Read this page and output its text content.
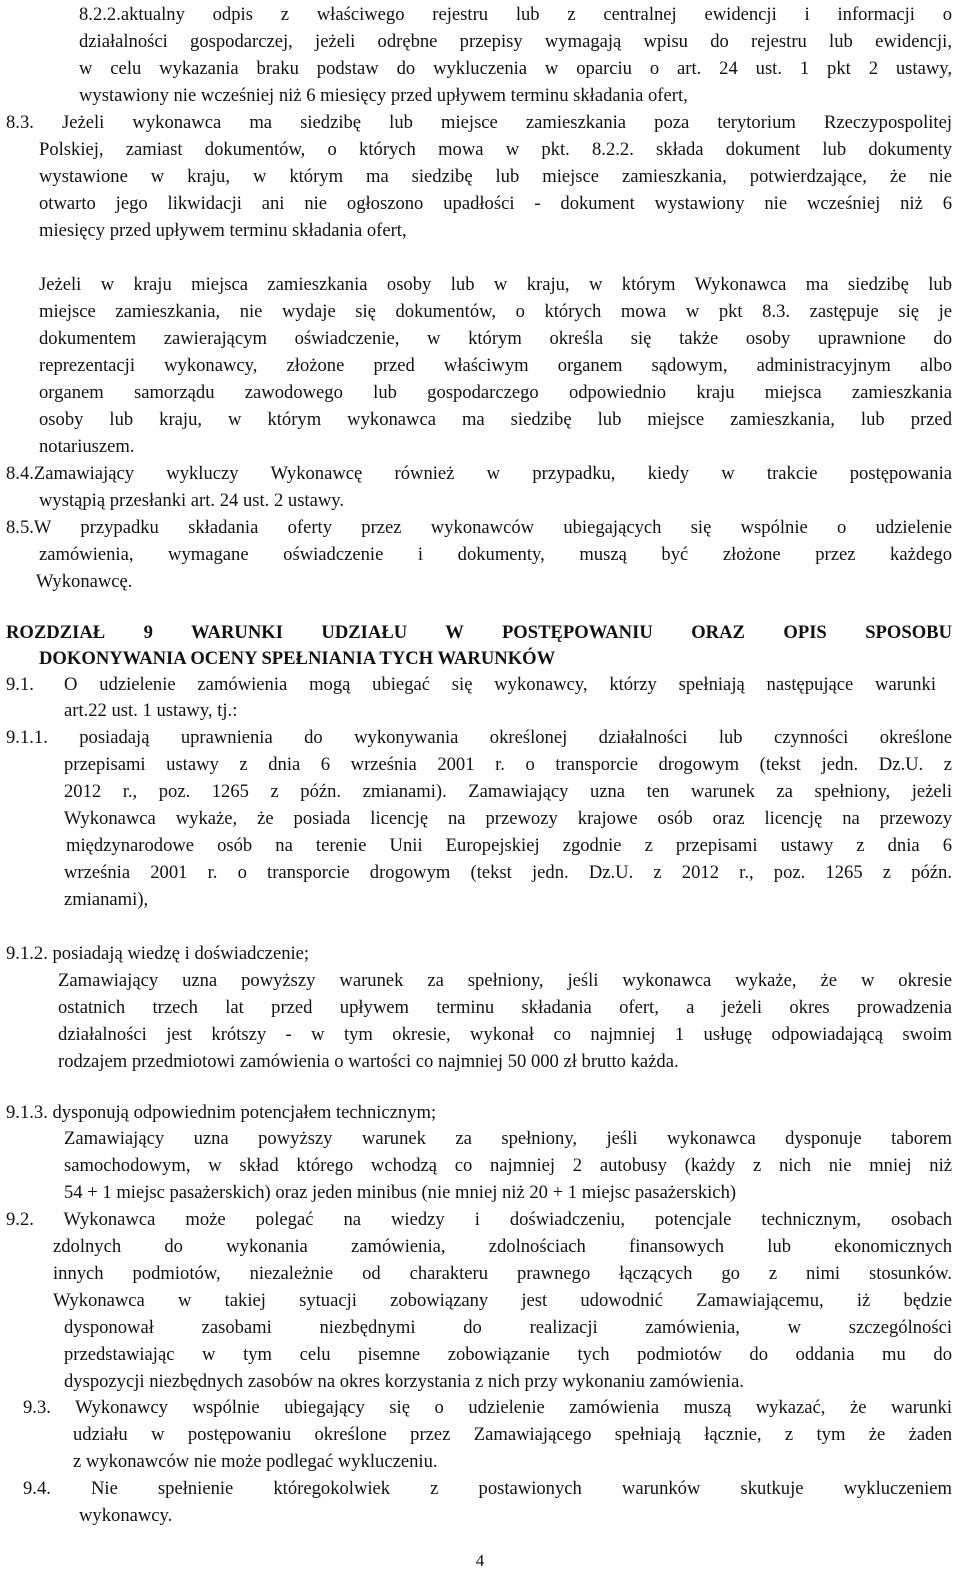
8.2.2.aktualny odpis z właściwego rejestru lub z centralnej ewidencji i informacji o
działalności gospodarczej, jeżeli odrębne przepisy wymagają wpisu do rejestru lub ewidencji,
w celu wykazania braku podstaw do wykluczenia w oparciu o art. 24 ust. 1 pkt 2 ustawy,
wystawiony nie wcześniej niż 6 miesięcy przed upływem terminu składania ofert,
8.3. Jeżeli wykonawca ma siedzibę lub miejsce zamieszkania poza terytorium Rzeczypospolitej
Polskiej, zamiast dokumentów, o których mowa w pkt. 8.2.2. składa dokument lub dokumenty
wystawione w kraju, w którym ma siedzibę lub miejsce zamieszkania, potwierdzające, że nie
otwarto jego likwidacji ani nie ogłoszono upadłości - dokument wystawiony nie wcześniej niż 6
miesięcy przed upływem terminu składania ofert,
Jeżeli w kraju miejsca zamieszkania osoby lub w kraju, w którym Wykonawca ma siedzibę lub
miejsce zamieszkania, nie wydaje się dokumentów, o których mowa w pkt 8.3. zastępuje się je
dokumentem zawierającym oświadczenie, w którym określa się także osoby uprawnione do
reprezentacji wykonawcy, złożone przed właściwym organem sądowym, administracyjnym albo
organem samorządu zawodowego lub gospodarczego odpowiednio kraju miejsca zamieszkania
osoby lub kraju, w którym wykonawca ma siedzibę lub miejsce zamieszkania, lub przed
notariuszem.
8.4.Zamawiający wykluczy Wykonawcę również w przypadku, kiedy w trakcie postępowania
wystąpią przesłanki art. 24 ust. 2 ustawy.
8.5.W przypadku składania oferty przez wykonawców ubiegających się wspólnie o udzielenie
zamówienia, wymagane oświadczenie i dokumenty, muszą być złożone przez każdego
Wykonawcę.
ROZDZIAŁ 9 WARUNKI UDZIAŁU W POSTĘPOWANIU ORAZ OPIS SPOSOBU
DOKONYWANIA OCENY SPEŁNIANIA TYCH WARUNKÓW
9.1. O udzielenie zamówienia mogą ubiegać się wykonawcy, którzy spełniają następujące warunki
art.22 ust. 1 ustawy, tj.:
9.1.1. posiadają uprawnienia do wykonywania określonej działalności lub czynności określone
przepisami ustawy z dnia 6 września 2001 r. o transporcie drogowym (tekst jedn. Dz.U. z
2012 r., poz. 1265 z późn. zmianami). Zamawiający uzna ten warunek za spełniony, jeżeli
Wykonawca wykaże, że posiada licencję na przewozy krajowe osób oraz licencję na przewozy
międzynarodowe osób na terenie Unii Europejskiej zgodnie z przepisami ustawy z dnia 6
września 2001 r. o transporcie drogowym (tekst jedn. Dz.U. z 2012 r., poz. 1265 z późn.
zmianami),
9.1.2. posiadają wiedzę i doświadczenie;
Zamawiający uzna powyższy warunek za spełniony, jeśli wykonawca wykaże, że w okresie
ostatnich trzech lat przed upływem terminu składania ofert, a jeżeli okres prowadzenia
działalności jest krótszy - w tym okresie, wykonał co najmniej 1 usługę odpowiadającą swoim
rodzajem przedmiotowi zamówienia o wartości co najmniej 50 000 zł brutto każda.
9.1.3. dysponują odpowiednim potencjałem technicznym;
Zamawiający uzna powyższy warunek za spełniony, jeśli wykonawca dysponuje taborem
samochodowym, w skład którego wchodzą co najmniej 2 autobusy (każdy z nich nie mniej niż
54 + 1 miejsc pasażerskich) oraz jeden minibus (nie mniej niż 20 + 1 miejsc pasażerskich)
9.2. Wykonawca może polegać na wiedzy i doświadczeniu, potencjale technicznym, osobach
zdolnych do wykonania zamówienia, zdolnościach finansowych lub ekonomicznych
innych podmiotów, niezależnie od charakteru prawnego łączących go z nimi stosunków.
Wykonawca w takiej sytuacji zobowiązany jest udowodnić Zamawiającemu, iż będzie
dysponował zasobami niezbędnymi do realizacji zamówienia, w szczególności
przedstawiając w tym celu pisemne zobowiązanie tych podmiotów do oddania mu do
dyspozycji niezbędnych zasobów na okres korzystania z nich przy wykonaniu zamówienia.
9.3. Wykonawcy wspólnie ubiegający się o udzielenie zamówienia muszą wykazać, że warunki
udziału w postępowaniu określone przez Zamawiającego spełniają łącznie, z tym że żaden
z wykonawców nie może podlegać wykluczeniu.
9.4. Nie spełnienie któregokolwiek z postawionych warunków skutkuje wykluczeniem
wykonawcy.
4
